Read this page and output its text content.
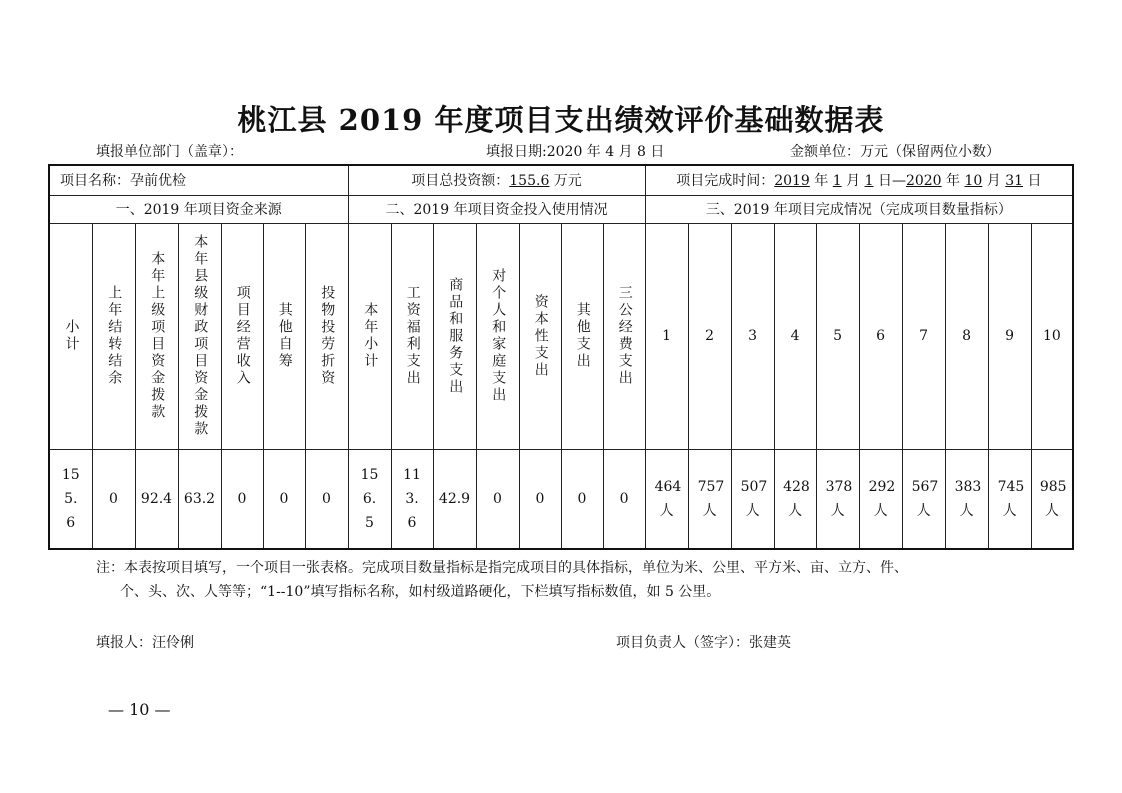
桃江县 2019 年度项目支出绩效评价基础数据表
填报单位部门（盖章）：	填报日期:2020 年 4 月 8 日	金额单位：万元（保留两位小数）
项目名称：孕前优检							项目总投资额：155.6 万元							项目完成时间：2019 年 1 月 1 日—2020 年 10 月 31 日									
一、2019 年项目资金来源							二、2019 年项目资金投入使用情况							三、2019 年项目完成情况（完成项目数量指标）									
小计	上年结转结余	本年上级项目资金拨款	本年县级财政项目资金拨款	项目经营收入	其他自筹	投物投劳折资	本年小计	工资福利支出	商品和服务支出	对个人和家庭支出	资本性支出	其他支出	三公经费支出	1	2	3	4	5	6	7	8	9	10
155.6	0	92.4	63.2	0	0	0	156.5	113.6	42.9	0	0	0	0	464人	757人	507人	428人	378人	292人	567人	383人	745人	985人
注：本表按项目填写，一个项目一张表格。完成项目数量指标是指完成项目的具体指标，单位为米、公里、平方米、亩、立方、件、
个、头、次、人等等；“1--10”填写指标名称，如村级道路硬化，下栏填写指标数值，如 5 公里。
填报人：汪伶俐	项目负责人（签字）：张建英
— 10 —
